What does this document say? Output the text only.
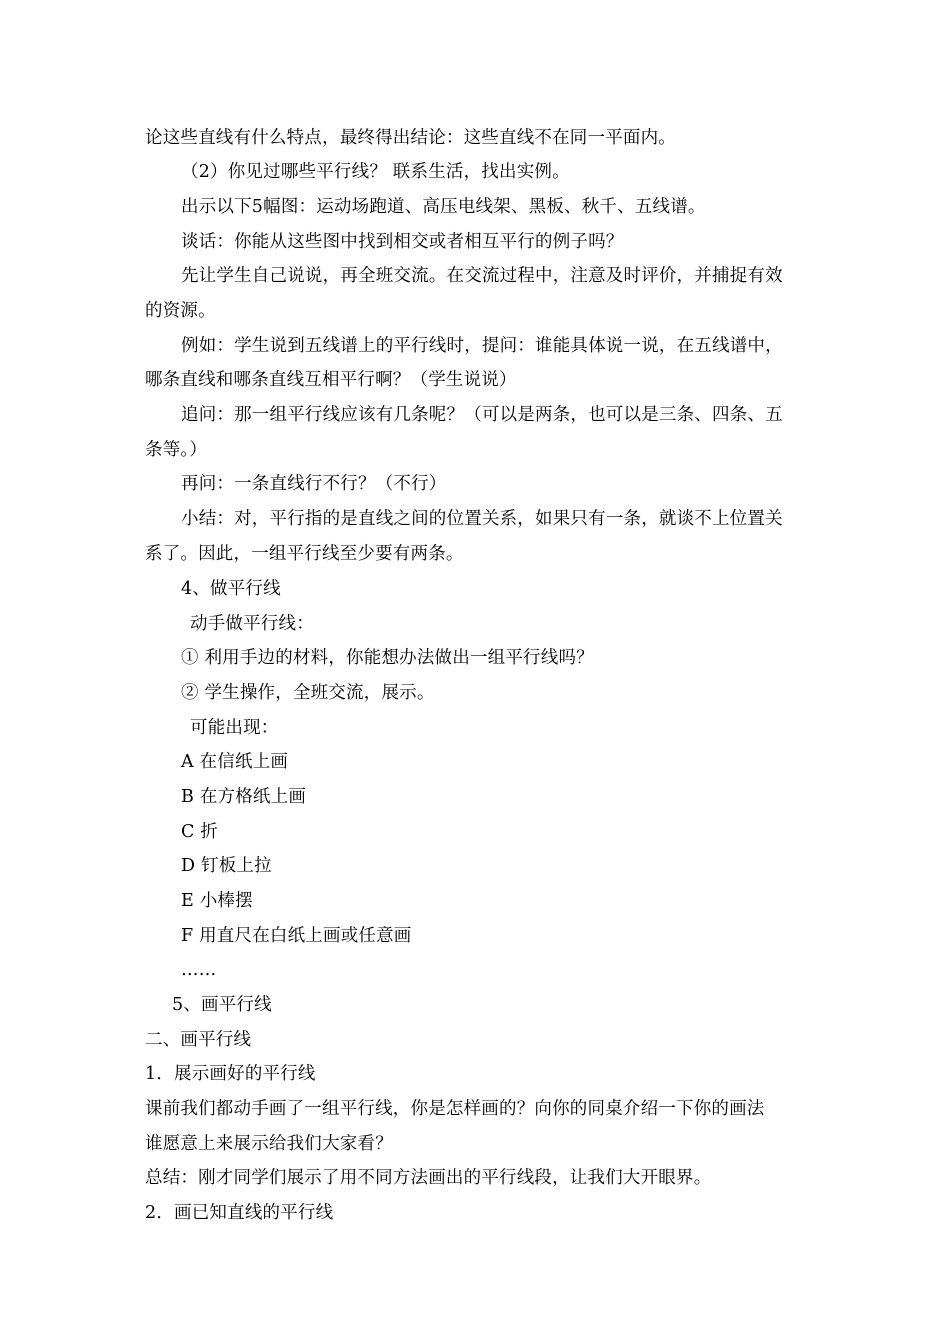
论这些直线有什么特点，最终得出结论：这些直线不在同一平面内。
（2）你见过哪些平行线？ 联系生活，找出实例。
出示以下5幅图：运动场跑道、高压电线架、黑板、秋千、五线谱。
谈话：你能从这些图中找到相交或者相互平行的例子吗？
先让学生自己说说，再全班交流。在交流过程中，注意及时评价，并捕捉有效
的资源。
例如：学生说到五线谱上的平行线时，提问：谁能具体说一说，在五线谱中，
哪条直线和哪条直线互相平行啊？（学生说说）
追问：那一组平行线应该有几条呢？（可以是两条，也可以是三条、四条、五
条等。）
再问：一条直线行不行？（不行）
小结：对，平行指的是直线之间的位置关系，如果只有一条，就谈不上位置关
系了。因此，一组平行线至少要有两条。
4、做平行线
动手做平行线：
① 利用手边的材料，你能想办法做出一组平行线吗？
② 学生操作，全班交流，展示。
可能出现：
A 在信纸上画
B 在方格纸上画
C 折
D 钉板上拉
E 小棒摆
F 用直尺在白纸上画或任意画
……
5、画平行线
二、画平行线
1．展示画好的平行线
课前我们都动手画了一组平行线，你是怎样画的？向你的同桌介绍一下你的画法
谁愿意上来展示给我们大家看？
总结：刚才同学们展示了用不同方法画出的平行线段，让我们大开眼界。
2．画已知直线的平行线
